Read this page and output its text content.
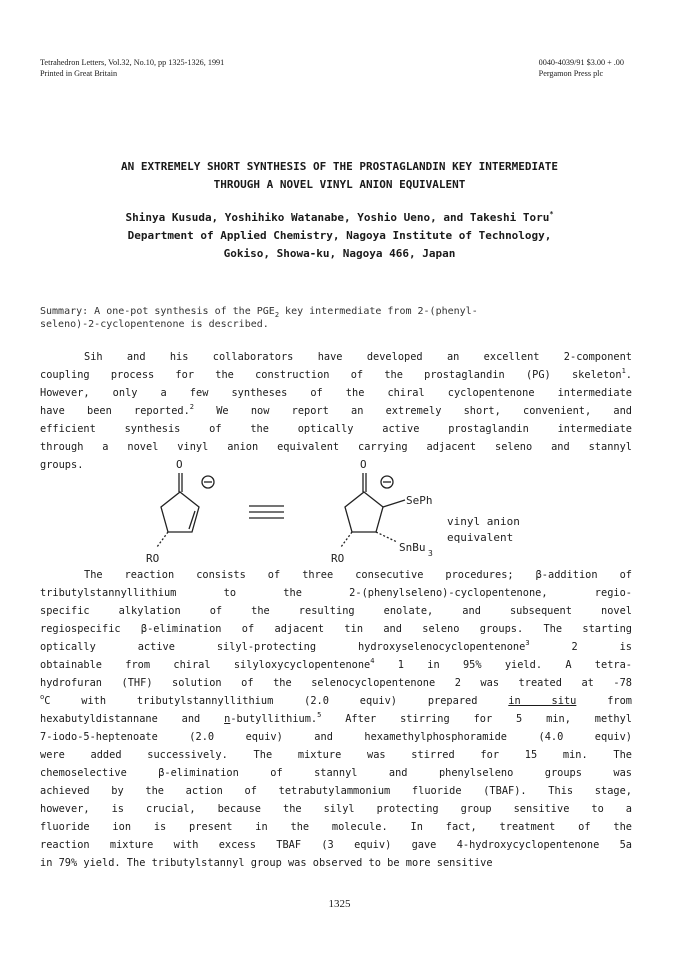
Tetrahedron Letters, Vol.32, No.10, pp 1325-1326, 1991
Printed in Great Britain
0040-4039/91 $3.00 + .00
Pergamon Press plc
AN EXTREMELY SHORT SYNTHESIS OF THE PROSTAGLANDIN KEY INTERMEDIATE
THROUGH A NOVEL VINYL ANION EQUIVALENT
Shinya Kusuda, Yoshihiko Watanabe, Yoshio Ueno, and Takeshi Toru*
Department of Applied Chemistry, Nagoya Institute of Technology,
Gokiso, Showa-ku, Nagoya 466, Japan
Summary: A one-pot synthesis of the $PGE_2$ key intermediate from 2-(phenyl-
seleno)-2-cyclopentenone is described.
Sih and his collaborators have developed an excellent 2-component
coupling process for the construction of the prostaglandin (PG) skeleton$^1$.
However, only a few syntheses of the chiral cyclopentenone intermediate
have been reported.$^2$ We now report an extremely short, convenient, and
efficient synthesis of the optically active prostaglandin intermediate
through a novel vinyl anion equivalent carrying adjacent seleno and stannyl
groups.	O
RO
O
RO
SePh
SnBu 3
vinyl anion
equivalent
The reaction consists of three consecutive procedures; β-addition of
tributylstannyllithium to the 2-(phenylseleno)-cyclopentenone, regio-
specific alkylation of the resulting enolate, and subsequent novel
regiospecific β-elimination of adjacent tin and seleno groups. The starting
optically active silyl-protecting hydroxyselenocyclopentenone$^3$ 2 is
obtainable from chiral silyloxycyclopentenone$^4$ 1 in 95% yield. A tetra-
hydrofuran (THF) solution of the selenocyclopentenone 2 was treated at -78
$^o$C with tributylstannyllithium (2.0 equiv) prepared in situ from
hexabutyldistannane and n-butyllithium.$^5$ After stirring for 5 min, methyl
7-iodo-5-heptenoate (2.0 equiv) and hexamethylphosphoramide (4.0 equiv)
were added successively. The mixture was stirred for 15 min. The
chemoselective β-elimination of stannyl and phenylseleno groups was
achieved by the action of tetrabutylammonium fluoride (TBAF). This stage,
however, is crucial, because the silyl protecting group sensitive to a
fluoride ion is present in the molecule. In fact, treatment of the
reaction mixture with excess TBAF (3 equiv) gave 4-hydroxycyclopentenone 5a
in 79% yield. The tributylstannyl group was observed to be more sensitive
1325
